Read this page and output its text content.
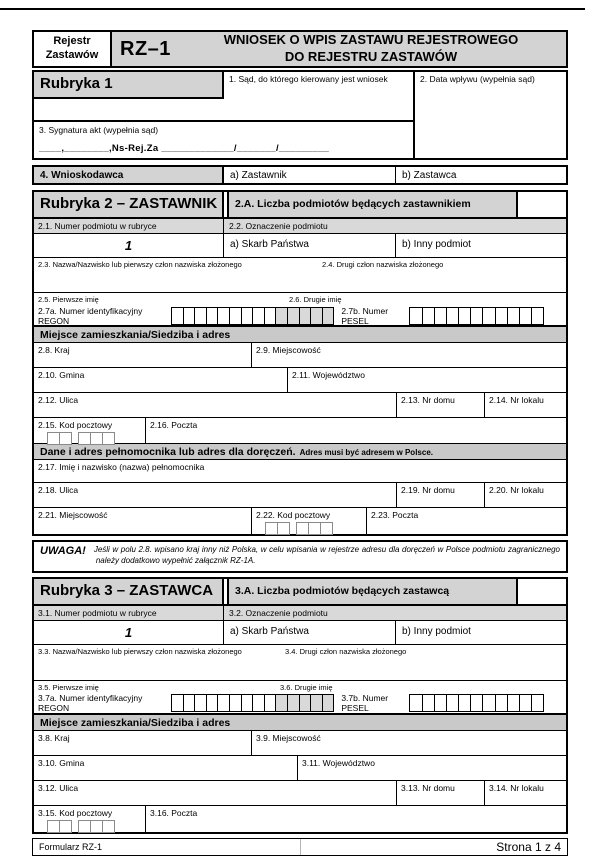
Rejestr
Zastawów	RZ–1	WNIOSEK O WPIS ZASTAWU REJESTROWEGO
DO REJESTRU ZASTAWÓW
Rubryka 1	1. Sąd, do którego kierowany jest wniosek
3. Sygnatura akt (wypełnia sąd)
____,________,Ns-Rej.Za _____________/_______/_________
2. Data wpływu (wypełnia sąd)
4. Wnioskodawca	a) Zastawnik	b) Zastawca
Rubryka 2 – ZASTAWNIK	2.A. Liczba podmiotów będących zastawnikiem
2.1. Numer podmiotu w rubryce	2.2. Oznaczenie podmiotu
1	a) Skarb Państwa	b) Inny podmiot
2.3. Nazwa/Nazwisko lub pierwszy człon nazwiska złożonego	2.4. Drugi człon nazwiska złożonego
2.5. Pierwsze imię	2.6. Drugie imię
2.7a. Numer identyfikacyjny REGON
2.7b. Numer PESEL
Miejsce zamieszkania/Siedziba i adres
2.8. Kraj	2.9. Miejscowość
2.10. Gmina	2.11. Województwo
2.12. Ulica	2.13. Nr domu	2.14. Nr lokalu
2.15. Kod pocztowy	2.16. Poczta
Dane i adres pełnomocnika lub adres dla doręczeń. Adres musi być adresem w Polsce.
2.17. Imię i nazwisko (nazwa) pełnomocnika
2.18. Ulica	2.19. Nr domu	2.20. Nr lokalu
2.21. Miejscowość	2.22. Kod pocztowy	2.23. Poczta
UWAGA! Jeśli w polu 2.8. wpisano kraj inny niż Polska, w celu wpisania w rejestrze adresu dla doręczeń w Polsce podmiotu zagranicznego
należy dodatkowo wypełnić załącznik RZ-1A.
Rubryka 3 – ZASTAWCA	3.A. Liczba podmiotów będących zastawcą
3.1. Numer podmiotu w rubryce	3.2. Oznaczenie podmiotu
1	a) Skarb Państwa	b) Inny podmiot
3.3. Nazwa/Nazwisko lub pierwszy człon nazwiska złożonego	3.4. Drugi człon nazwiska złożonego
3.5. Pierwsze imię	3.6. Drugie imię
3.7a. Numer identyfikacyjny REGON
3.7b. Numer PESEL
Miejsce zamieszkania/Siedziba i adres
3.8. Kraj	3.9. Miejscowość
3.10. Gmina	3.11. Województwo
3.12. Ulica	3.13. Nr domu	3.14. Nr lokalu
3.15. Kod pocztowy	3.16. Poczta
Formularz RZ-1	Strona 1 z 4
